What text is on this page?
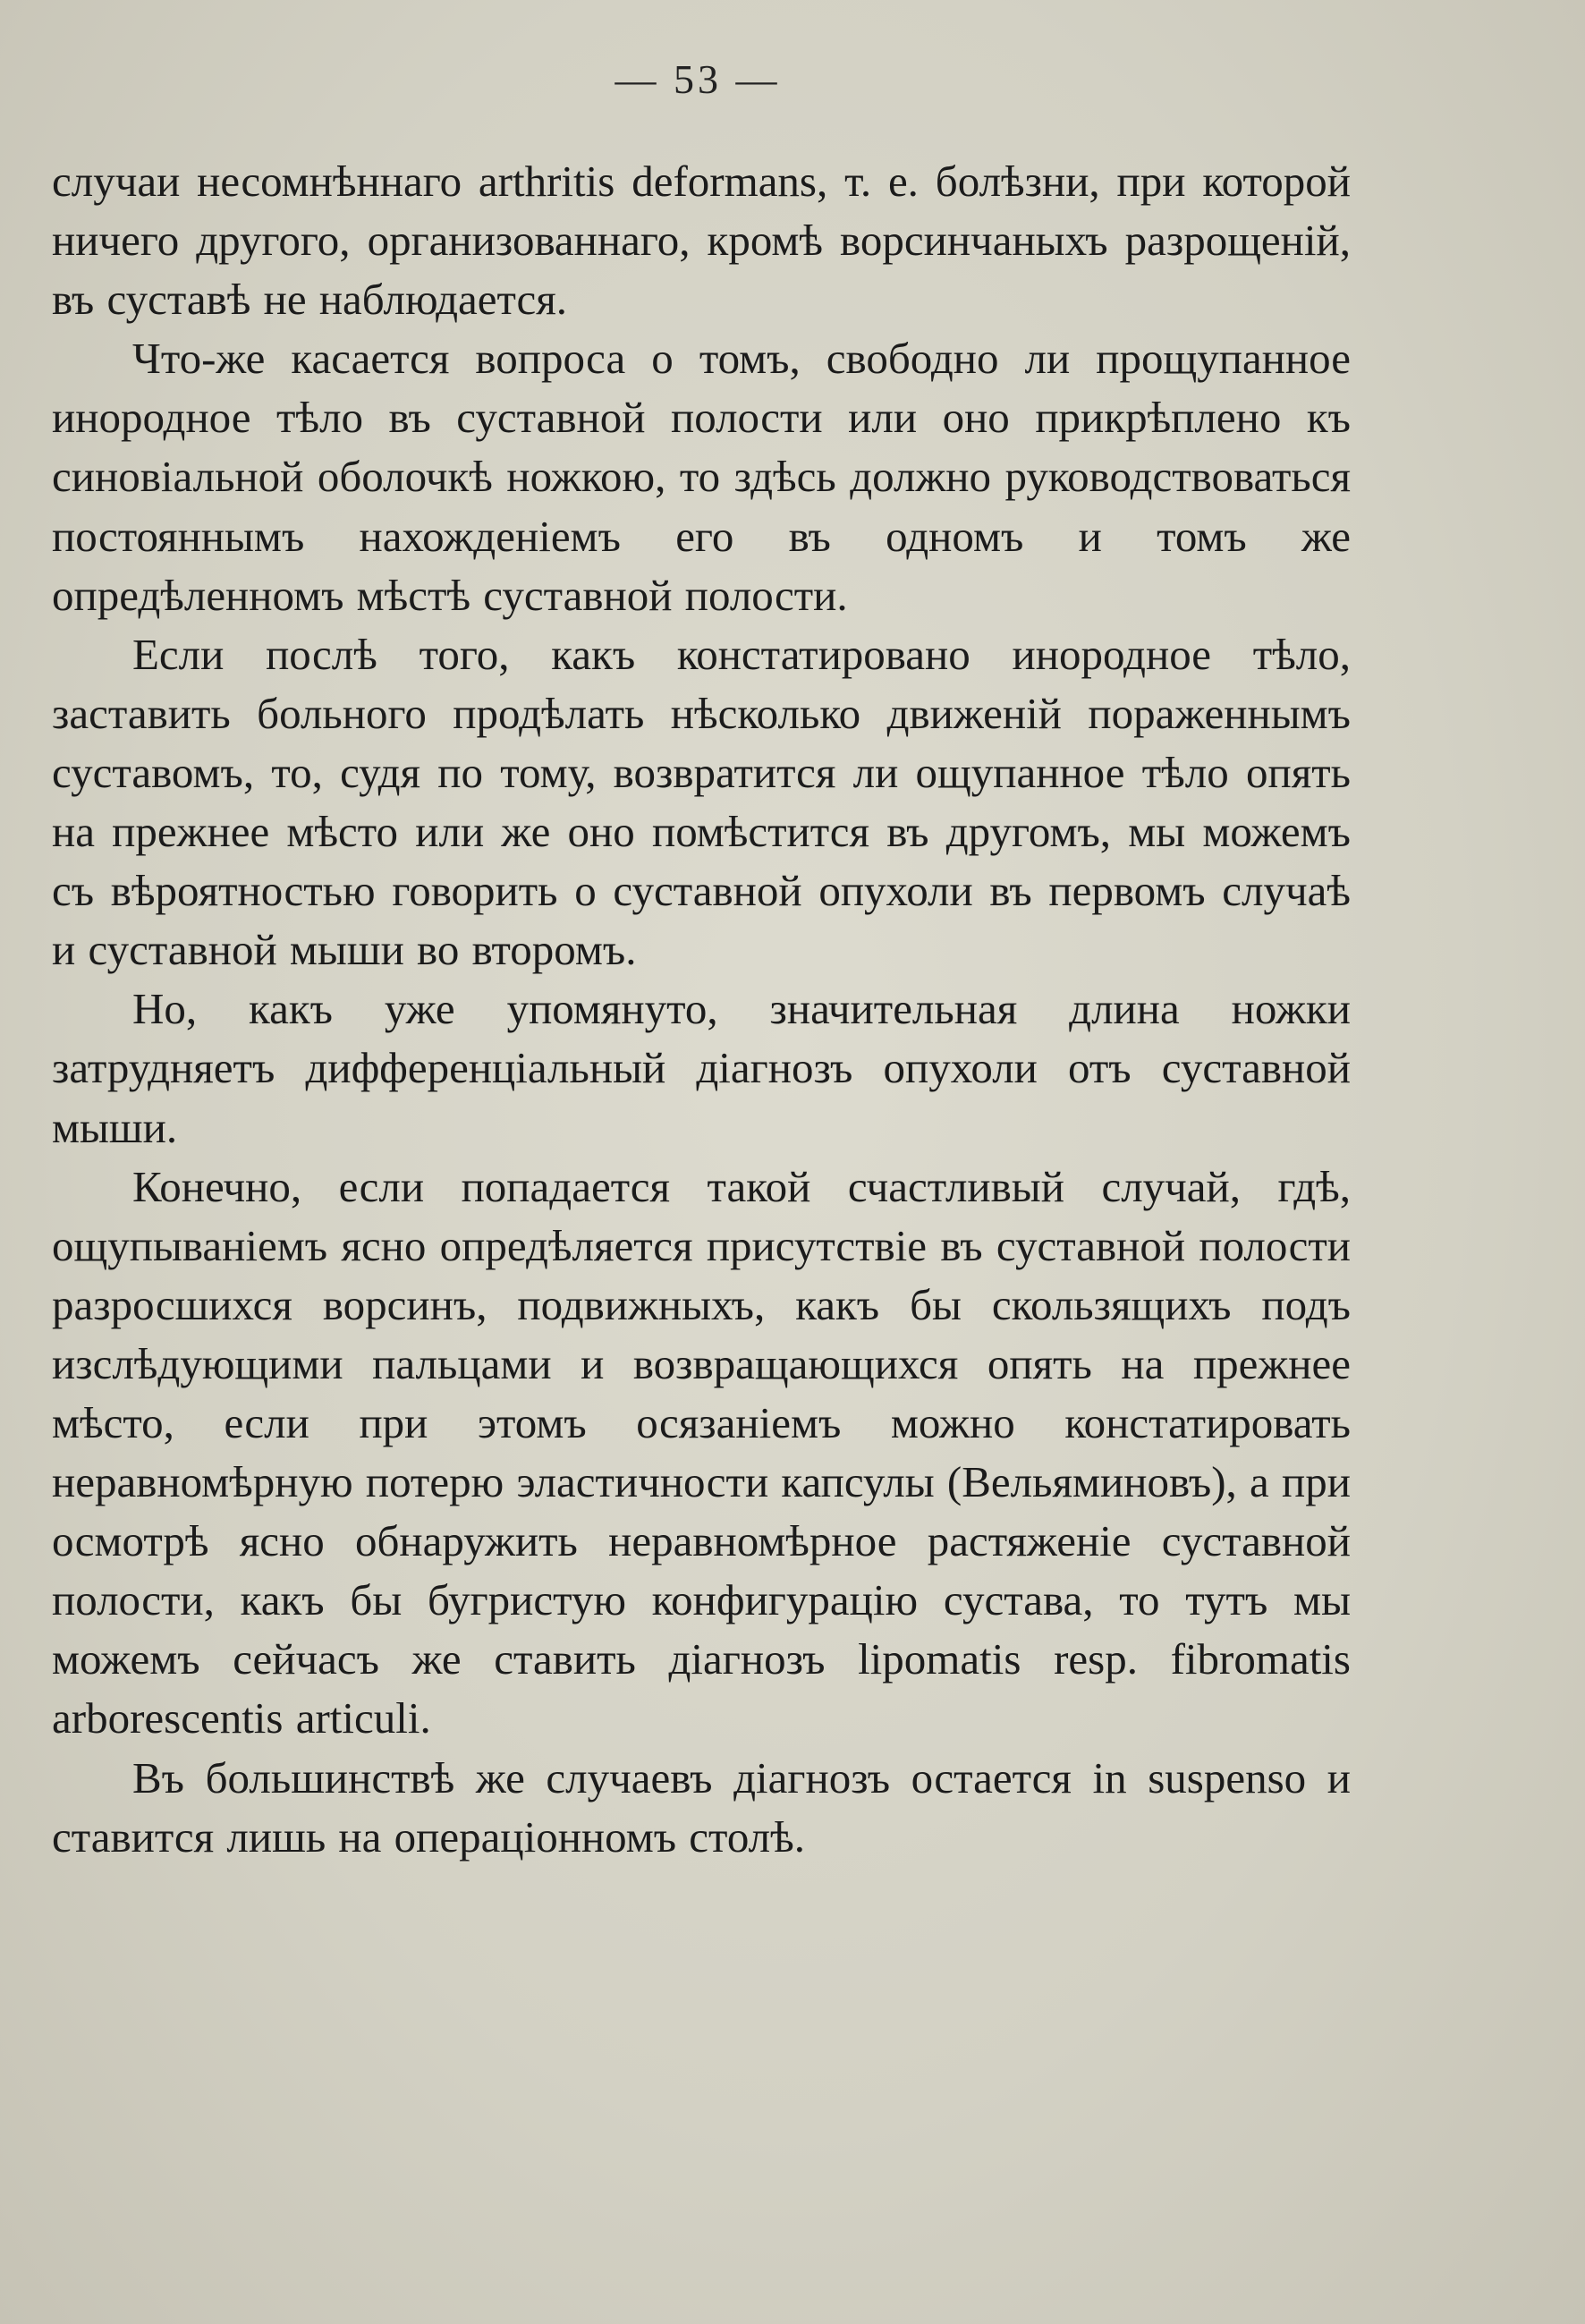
— 53 —

случаи несомнѣннаго arthritis deformans, т. е. болѣзни, при которой ничего другого, организованнаго, кромѣ ворсинчаныхъ разрощенiй, въ суставѣ не наблюдается.

Что-же касается вопроса о томъ, свободно ли прощупанное инородное тѣло въ суставной полости или оно прикрѣплено къ синовiальной оболочкѣ ножкою, то здѣсь должно руководствоваться постояннымъ нахожденiемъ его въ одномъ и томъ же опредѣленномъ мѣстѣ суставной полости.

Если послѣ того, какъ констатировано инородное тѣло, заставить больного продѣлать нѣсколько движенiй пораженнымъ суставомъ, то, судя по тому, возвратится ли ощупанное тѣло опять на прежнее мѣсто или же оно помѣстится въ другомъ, мы можемъ съ вѣроятностью говорить о суставной опухоли въ первомъ случаѣ и суставной мыши во второмъ.

Но, какъ уже упомянуто, значительная длина ножки затрудняетъ дифференцiальный дiагнозъ опухоли отъ суставной мыши.

Конечно, если попадается такой счастливый случай, гдѣ, ощупыванiемъ ясно опредѣляется присутствiе въ суставной полости разросшихся ворсинъ, подвижныхъ, какъ бы скользящихъ подъ изслѣдующими пальцами и возвращающихся опять на прежнее мѣсто, если при этомъ осязанiемъ можно констатировать неравномѣрную потерю эластичности капсулы (Вельяминовъ), а при осмотрѣ ясно обнаружить неравномѣрное растяженiе суставной полости, какъ бы бугристую конфигурацiю сустава, то тутъ мы можемъ сейчасъ же ставить дiагнозъ lipomatis resp. fibromatis arborescentis articuli.

Въ большинствѣ же случаевъ дiагнозъ остается in suspenso и ставится лишь на операцiонномъ столѣ.
